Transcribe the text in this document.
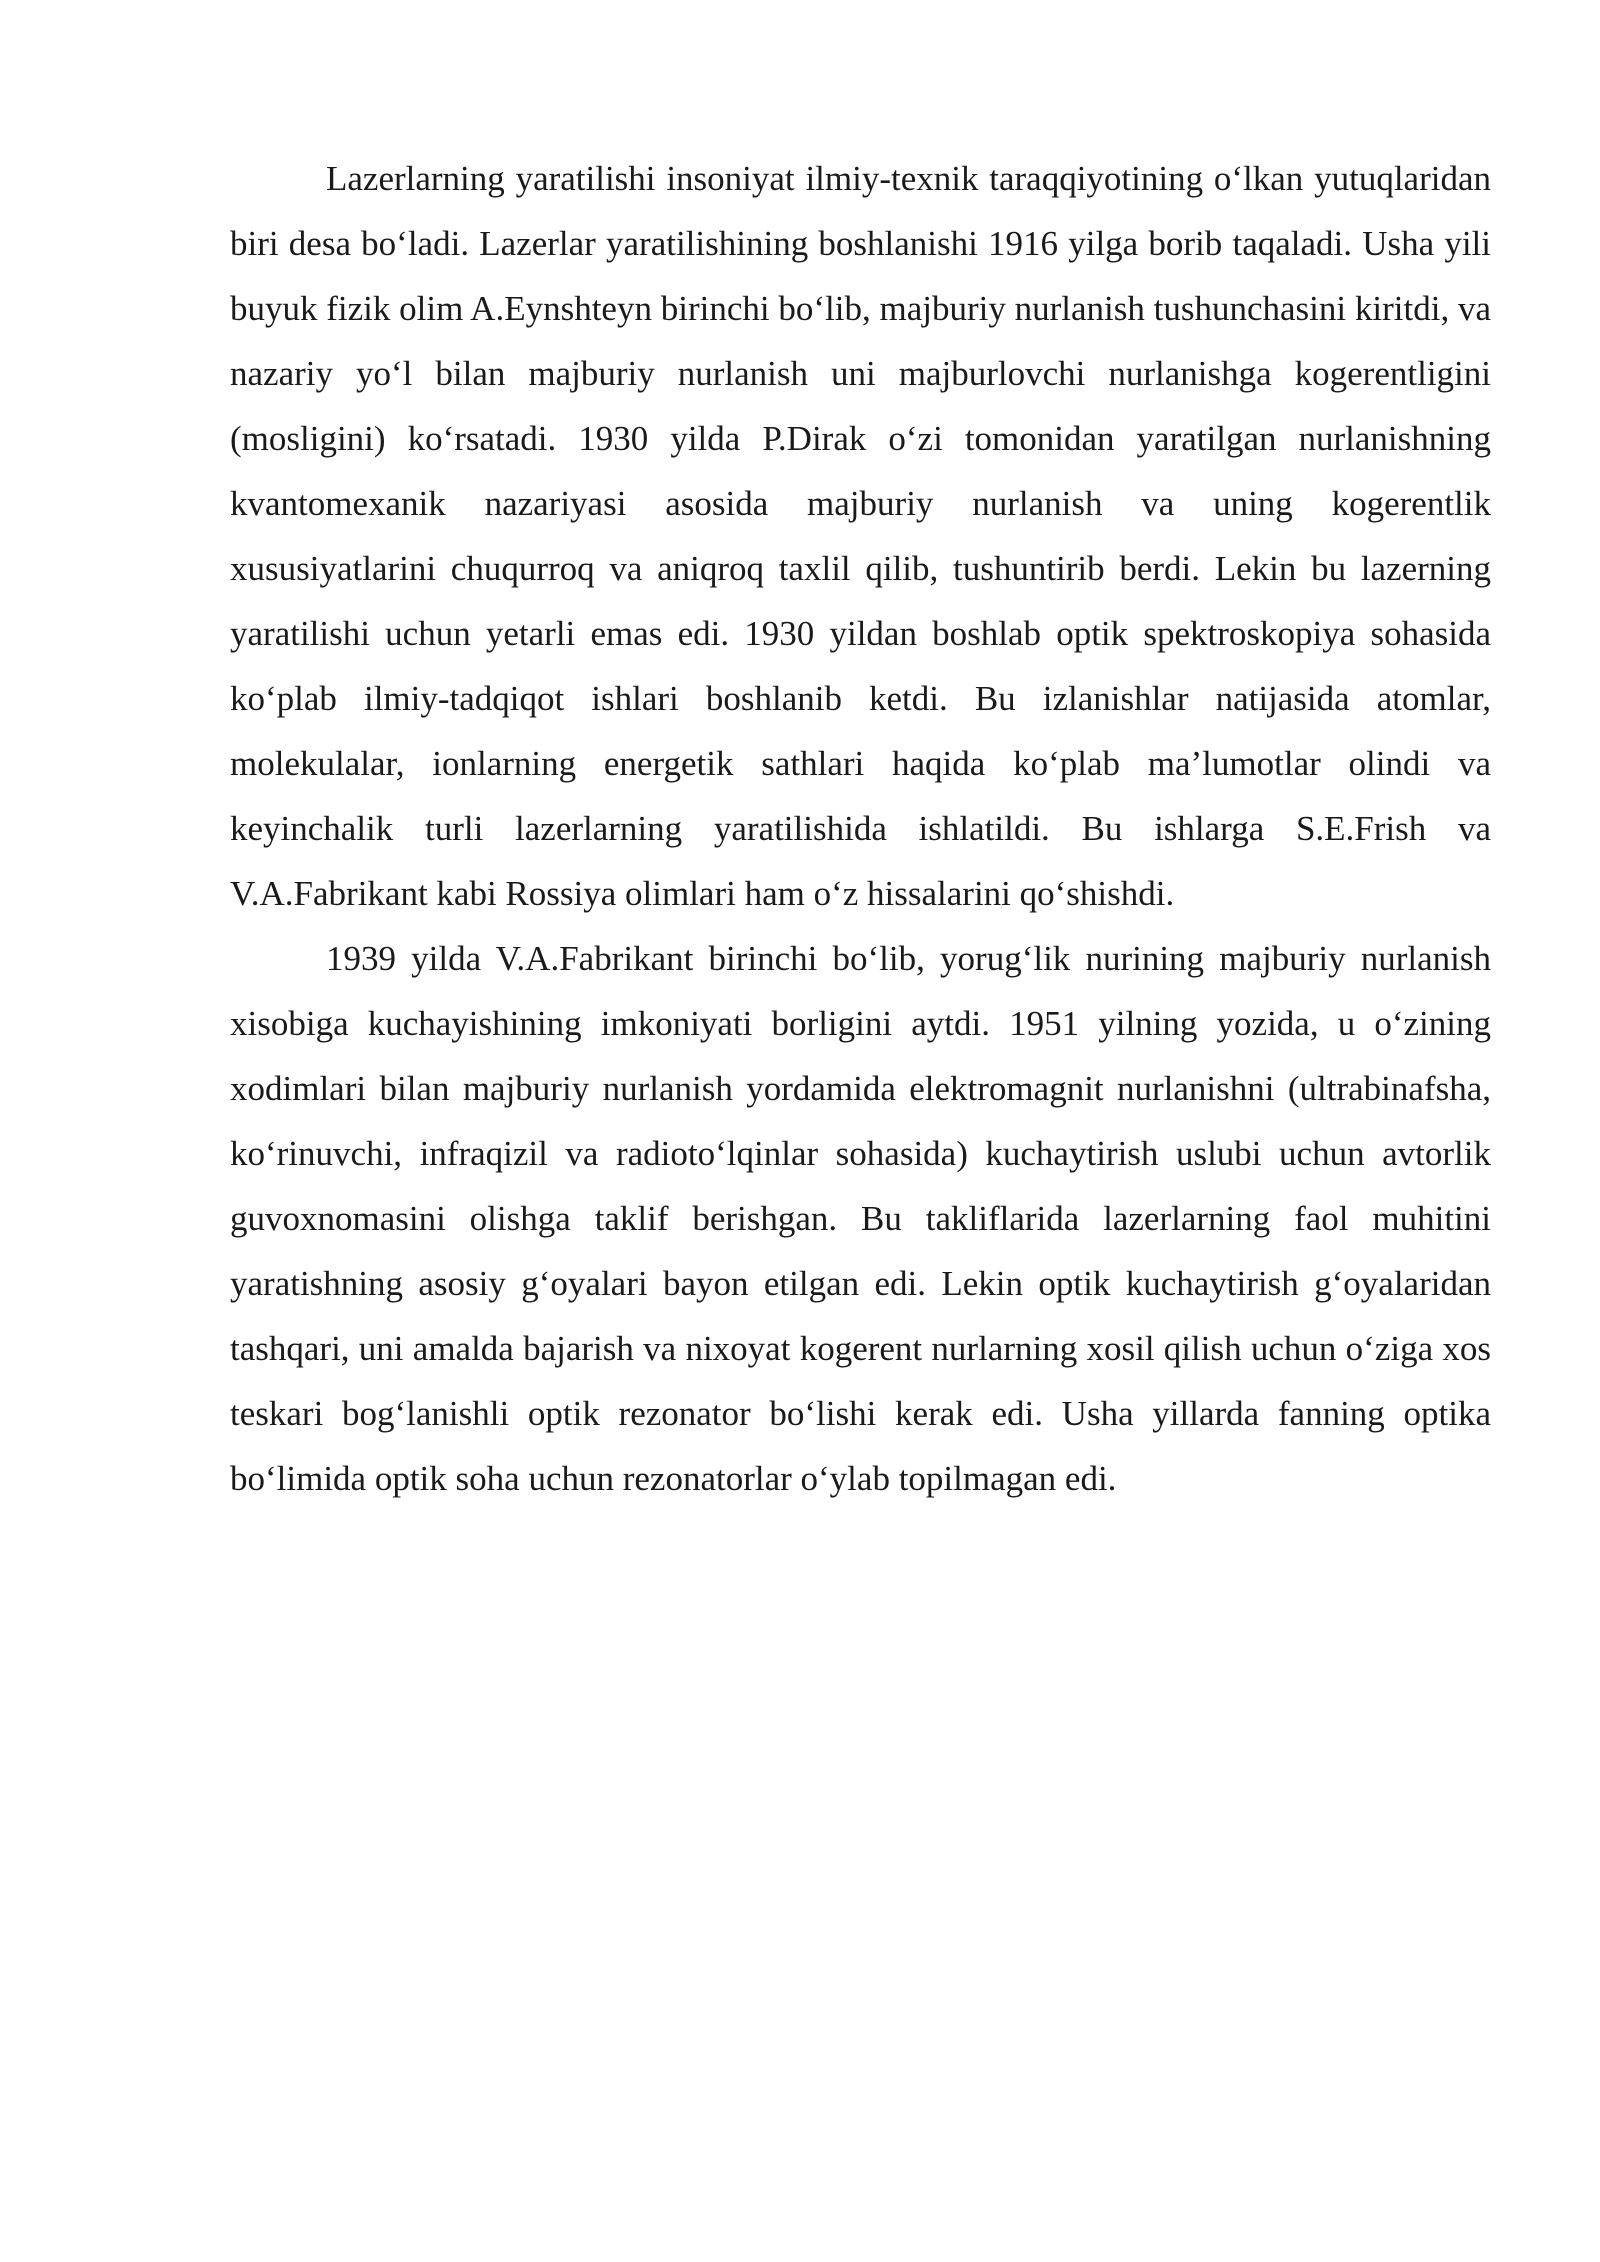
Lazerlarning yaratilishi insoniyat ilmiy-texnik taraqqiyotining o‘lkan yutuqlaridan biri desa bo‘ladi. Lazerlar yaratilishining boshlanishi 1916 yilga borib taqaladi. Usha yili buyuk fizik olim A.Eynshteyn birinchi bo‘lib, majburiy nurlanish tushunchasini kiritdi, va nazariy yo‘l bilan majburiy nurlanish uni majburlovchi nurlanishga kogerentligini (mosligini) ko‘rsatadi. 1930 yilda P.Dirak o‘zi tomonidan yaratilgan nurlanishning kvantomexanik nazariyasi asosida majburiy nurlanish va uning kogerentlik xususiyatlarini chuqurroq va aniqroq taxlil qilib, tushuntirib berdi. Lekin bu lazerning yaratilishi uchun yetarli emas edi. 1930 yildan boshlab optik spektroskopiya sohasida ko‘plab ilmiy-tadqiqot ishlari boshlanib ketdi. Bu izlanishlar natijasida atomlar, molekulalar, ionlarning energetik sathlari haqida ko‘plab ma’lumotlar olindi va keyinchalik turli lazerlarning yaratilishida ishlatildi. Bu ishlarga S.E.Frish va V.A.Fabrikant kabi Rossiya olimlari ham o‘z hissalarini qo‘shishdi.

1939 yilda V.A.Fabrikant birinchi bo‘lib, yorug‘lik nurining majburiy nurlanish xisobiga kuchayishining imkoniyati borligini aytdi. 1951 yilning yozida, u o‘zining xodimlari bilan majburiy nurlanish yordamida elektromagnit nurlanishni (ultrabinafsha, ko‘rinuvchi, infraqizil va radioto‘lqinlar sohasida) kuchaytirish uslubi uchun avtorlik guvoxnomasini olishga taklif berishgan. Bu takliflarida lazerlarning faol muhitini yaratishning asosiy g‘oyalari bayon etilgan edi. Lekin optik kuchaytirish g‘oyalaridan tashqari, uni amalda bajarish va nixoyat kogerent nurlarning xosil qilish uchun o‘ziga xos teskari bog‘lanishli optik rezonator bo‘lishi kerak edi. Usha yillarda fanning optika bo‘limida optik soha uchun rezonatorlar o‘ylab topilmagan edi.
